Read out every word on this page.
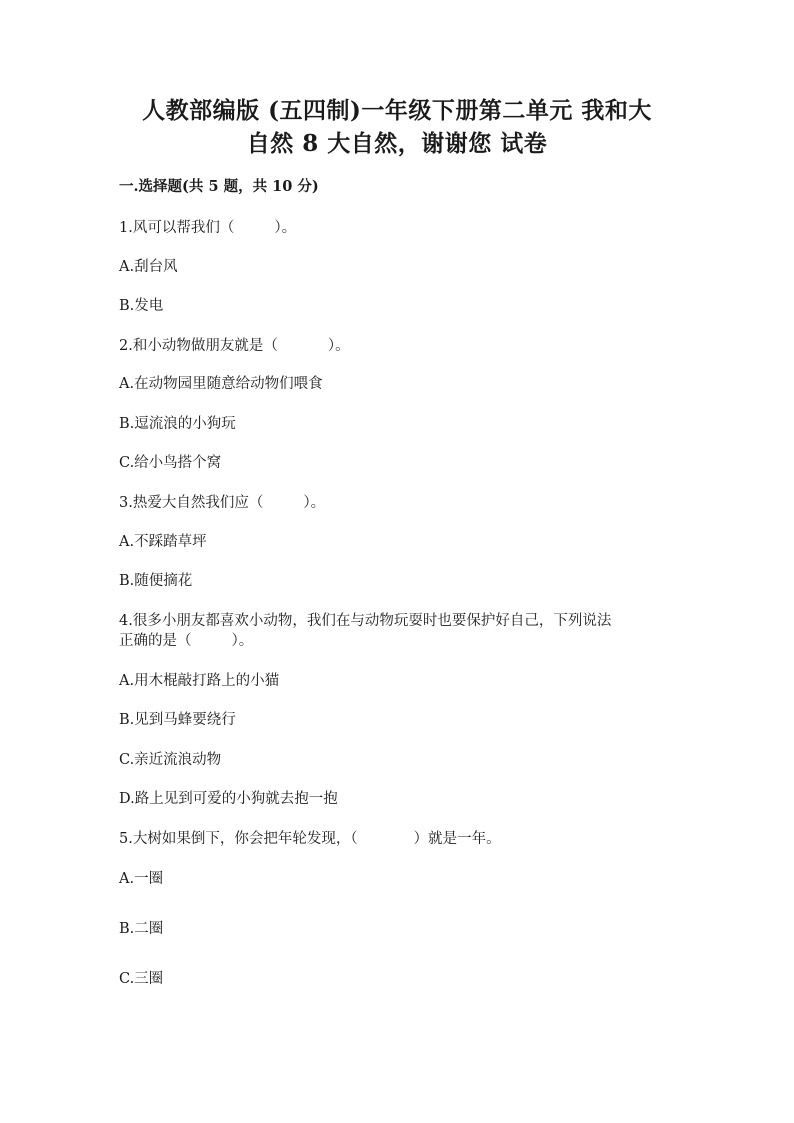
人教部编版 (五四制)一年级下册第二单元 我和大
自然 8 大自然，谢谢您 试卷
一.选择题(共 5 题，共 10 分)
1.风可以帮我们（	）。
A.刮台风
B.发电
2.和小动物做朋友就是（	）。
A.在动物园里随意给动物们喂食
B.逗流浪的小狗玩
C.给小鸟搭个窝
3.热爱大自然我们应（	）。
A.不踩踏草坪
B.随便摘花
4.很多小朋友都喜欢小动物，我们在与动物玩耍时也要保护好自己，下列说法
正确的是（	）。
A.用木棍敲打路上的小猫
B.见到马蜂要绕行
C.亲近流浪动物
D.路上见到可爱的小狗就去抱一抱
5.大树如果倒下，你会把年轮发现，（	）就是一年。
A.一圈
B.二圈
C.三圈
